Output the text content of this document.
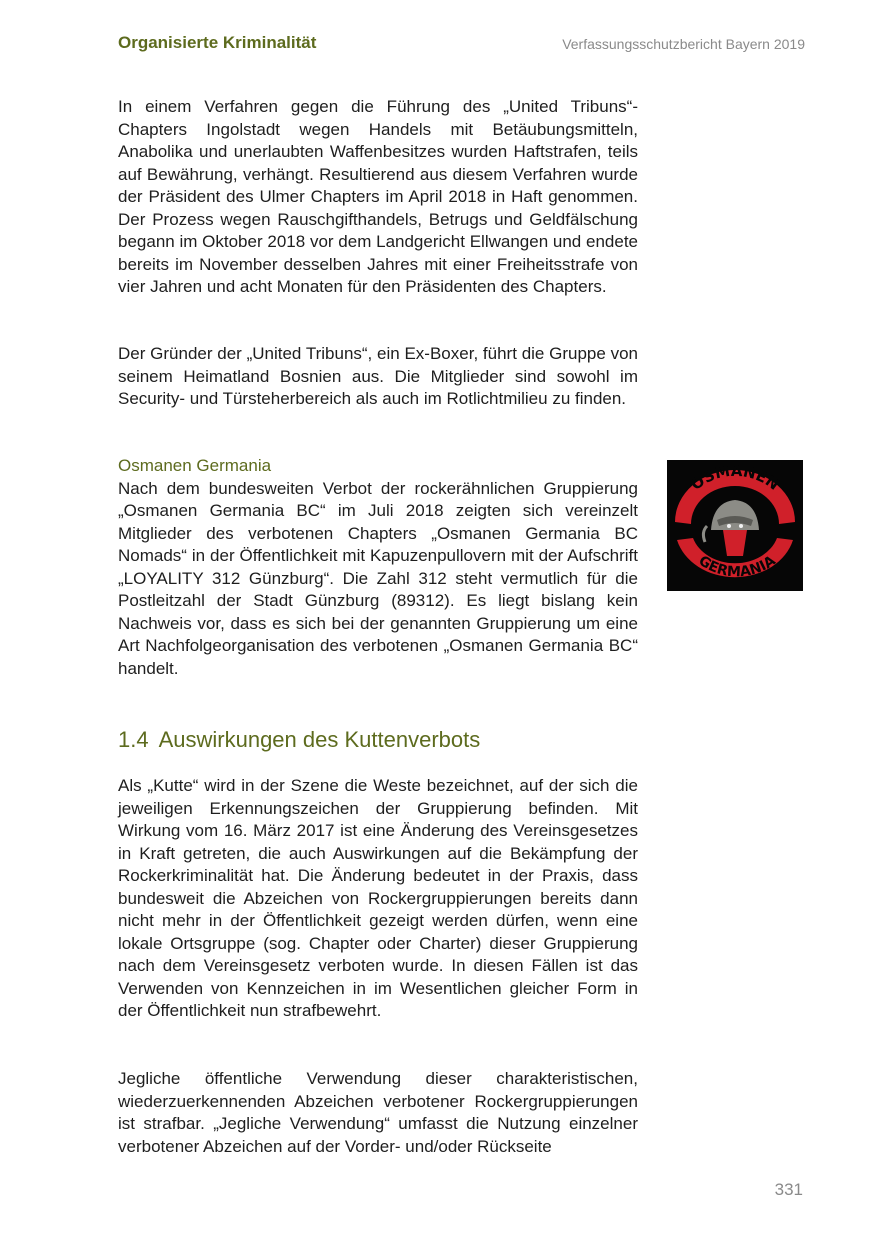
Organisierte Kriminalität	Verfassungsschutzbericht Bayern 2019

In einem Verfahren gegen die Führung des „United Tribuns“-Chapters Ingolstadt wegen Handels mit Betäubungsmitteln, Anabolika und unerlaubten Waffenbesitzes wurden Haftstrafen, teils auf Bewährung, verhängt. Resultierend aus diesem Verfahren wurde der Präsident des Ulmer Chapters im April 2018 in Haft genommen. Der Prozess wegen Rauschgifthandels, Betrugs und Geldfälschung begann im Oktober 2018 vor dem Landgericht Ellwangen und endete bereits im November desselben Jahres mit einer Freiheitsstrafe von vier Jahren und acht Monaten für den Präsidenten des Chapters.

Der Gründer der „United Tribuns“, ein Ex-Boxer, führt die Gruppe von seinem Heimatland Bosnien aus. Die Mitglieder sind sowohl im Security- und Türsteherbereich als auch im Rotlichtmilieu zu finden.

Osmanen Germania

Nach dem bundesweiten Verbot der rockerähnlichen Gruppierung „Osmanen Germania BC“ im Juli 2018 zeigten sich vereinzelt Mitglieder des verbotenen Chapters „Osmanen Germania BC Nomads“ in der Öffentlichkeit mit Kapuzenpullovern mit der Aufschrift „LOYALITY 312 Günzburg“. Die Zahl 312 steht vermutlich für die Postleitzahl der Stadt Günzburg (89312). Es liegt bislang kein Nachweis vor, dass es sich bei der genannten Gruppierung um eine Art Nachfolgeorganisation des verbotenen „Osmanen Germania BC“ handelt.

OSMANEN
GERMANIA
1.4 Auswirkungen des Kuttenverbots

Als „Kutte“ wird in der Szene die Weste bezeichnet, auf der sich die jeweiligen Erkennungszeichen der Gruppierung befinden. Mit Wirkung vom 16. März 2017 ist eine Änderung des Vereinsgesetzes in Kraft getreten, die auch Auswirkungen auf die Bekämpfung der Rockerkriminalität hat. Die Änderung bedeutet in der Praxis, dass bundesweit die Abzeichen von Rockergruppierungen bereits dann nicht mehr in der Öffentlichkeit gezeigt werden dürfen, wenn eine lokale Ortsgruppe (sog. Chapter oder Charter) dieser Gruppierung nach dem Vereinsgesetz verboten wurde. In diesen Fällen ist das Verwenden von Kennzeichen in im Wesentlichen gleicher Form in der Öffentlichkeit nun strafbewehrt.

Jegliche öffentliche Verwendung dieser charakteristischen, wiederzuerkennenden Abzeichen verbotener Rockergruppierungen ist strafbar. „Jegliche Verwendung“ umfasst die Nutzung einzelner verbotener Abzeichen auf der Vorder- und/oder Rückseite

331
